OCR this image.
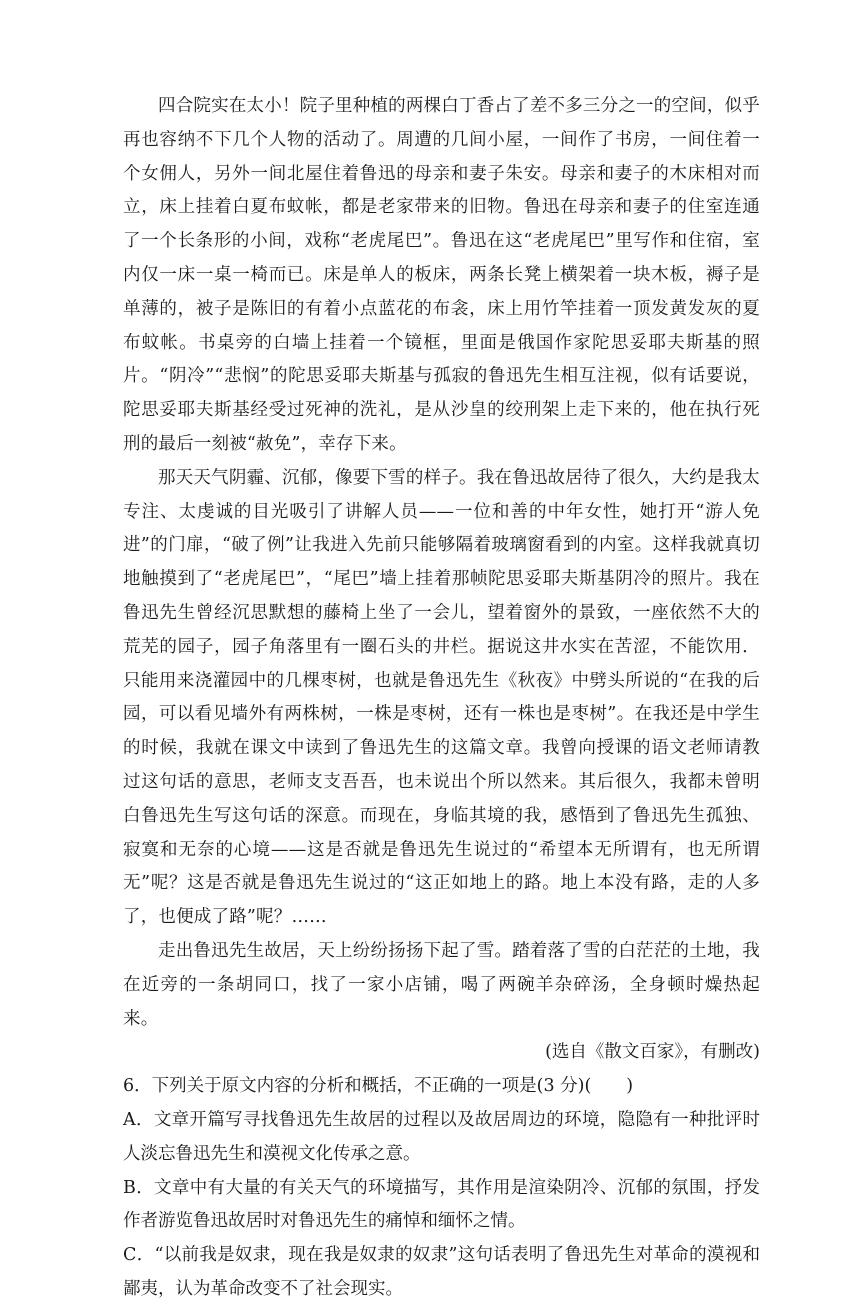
四合院实在太小！院子里种植的两棵白丁香占了差不多三分之一的空间，似乎再也容纳不下几个人物的活动了。周遭的几间小屋，一间作了书房，一间住着一个女佣人，另外一间北屋住着鲁迅的母亲和妻子朱安。母亲和妻子的木床相对而立，床上挂着白夏布蚊帐，都是老家带来的旧物。鲁迅在母亲和妻子的住室连通了一个长条形的小间，戏称“老虎尾巴”。鲁迅在这“老虎尾巴”里写作和住宿，室内仅一床一桌一椅而已。床是单人的板床，两条长凳上横架着一块木板，褥子是单薄的，被子是陈旧的有着小点蓝花的布衾，床上用竹竿挂着一顶发黄发灰的夏布蚊帐。书桌旁的白墙上挂着一个镜框，里面是俄国作家陀思妥耶夫斯基的照片。“阴冷”“悲悯”的陀思妥耶夫斯基与孤寂的鲁迅先生相互注视，似有话要说，陀思妥耶夫斯基经受过死神的洗礼，是从沙皇的绞刑架上走下来的，他在执行死刑的最后一刻被“赦免”，幸存下来。

那天天气阴霾、沉郁，像要下雪的样子。我在鲁迅故居待了很久，大约是我太专注、太虔诚的目光吸引了讲解人员——一位和善的中年女性，她打开“游人免进”的门扉，“破了例”让我进入先前只能够隔着玻璃窗看到的内室。这样我就真切地触摸到了“老虎尾巴”，“尾巴”墙上挂着那帧陀思妥耶夫斯基阴冷的照片。我在鲁迅先生曾经沉思默想的藤椅上坐了一会儿，望着窗外的景致，一座依然不大的荒芜的园子，园子角落里有一圈石头的井栏。据说这井水实在苦涩，不能饮用．只能用来浇灌园中的几棵枣树，也就是鲁迅先生《秋夜》中劈头所说的“在我的后园，可以看见墙外有两株树，一株是枣树，还有一株也是枣树”。在我还是中学生的时候，我就在课文中读到了鲁迅先生的这篇文章。我曾向授课的语文老师请教过这句话的意思，老师支支吾吾，也未说出个所以然来。其后很久，我都未曾明白鲁迅先生写这句话的深意。而现在，身临其境的我，感悟到了鲁迅先生孤独、寂寞和无奈的心境——这是否就是鲁迅先生说过的“希望本无所谓有，也无所谓无”呢？这是否就是鲁迅先生说过的“这正如地上的路。地上本没有路，走的人多了，也便成了路”呢？……

走出鲁迅先生故居，天上纷纷扬扬下起了雪。踏着落了雪的白茫茫的土地，我在近旁的一条胡同口，找了一家小店铺，喝了两碗羊杂碎汤，全身顿时燥热起来。

(选自《散文百家》，有删改)

6．下列关于原文内容的分析和概括，不正确的一项是(3 分)(　　)

A．文章开篇写寻找鲁迅先生故居的过程以及故居周边的环境，隐隐有一种批评时人淡忘鲁迅先生和漠视文化传承之意。

B．文章中有大量的有关天气的环境描写，其作用是渲染阴冷、沉郁的氛围，抒发作者游览鲁迅故居时对鲁迅先生的痛悼和缅怀之情。

C．“以前我是奴隶，现在我是奴隶的奴隶”这句话表明了鲁迅先生对革命的漠视和鄙夷，认为革命改变不了社会现实。
